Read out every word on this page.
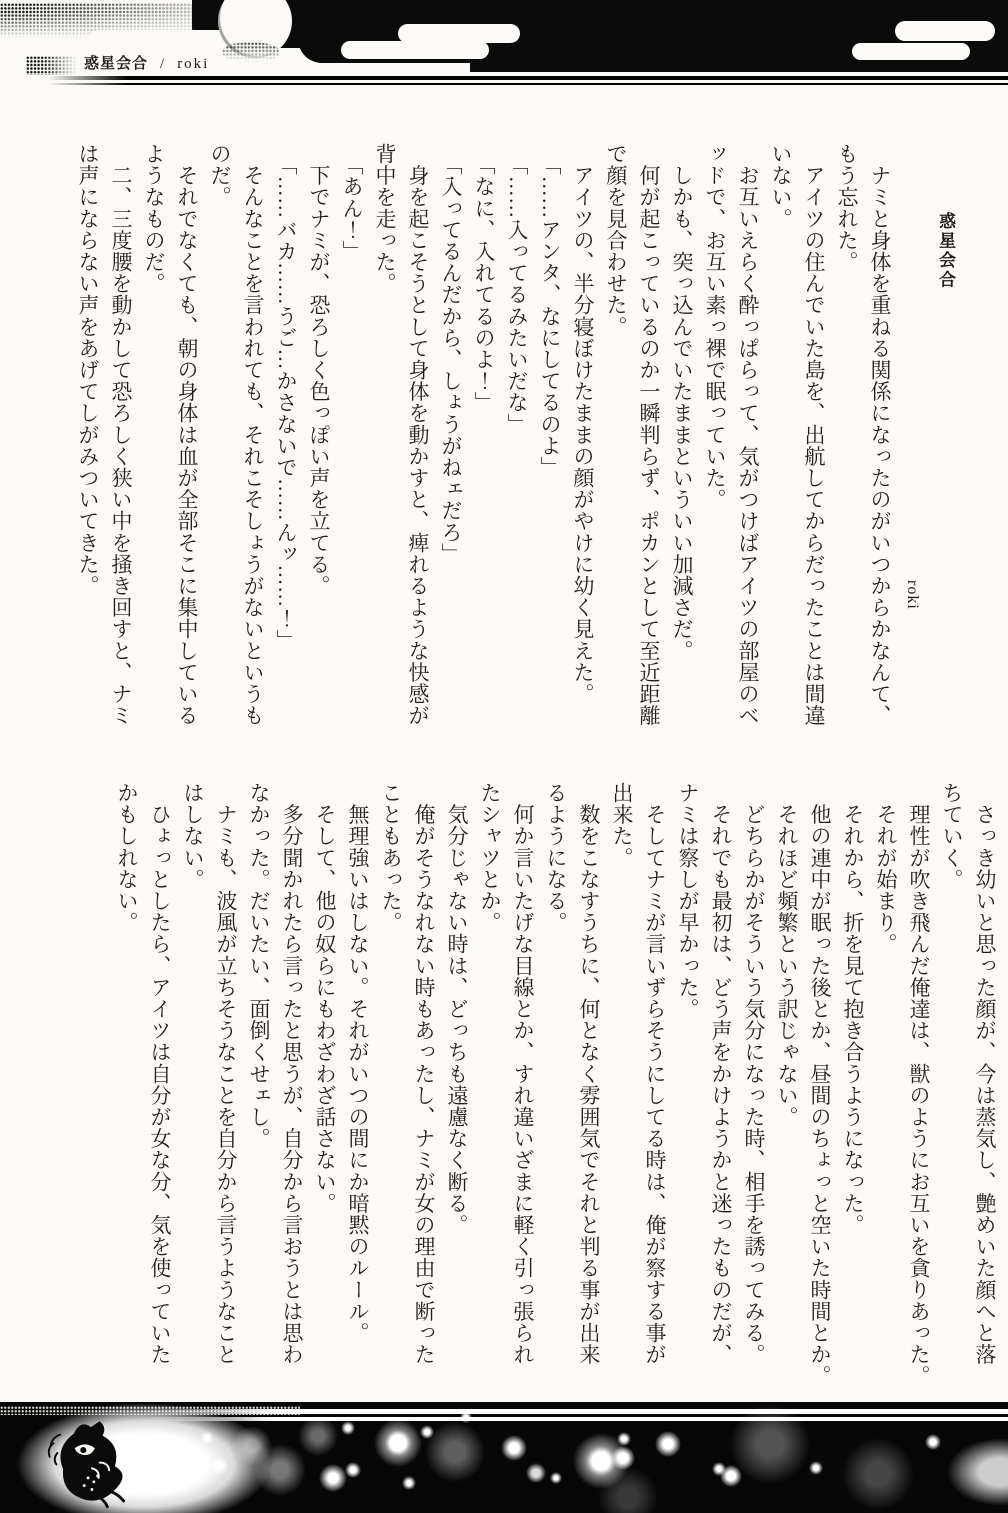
惑星会合 / roki
惑星会合
roki
　ナミと身体を重ねる関係になったのがいつからかなんて、
もう忘れた。
　アイツの住んでいた島を、出航してからだったことは間違
いない。
　お互いえらく酔っぱらって、気がつけばアイツの部屋のベ
ッドで、お互い素っ裸で眠っていた。
　しかも、突っ込んでいたままといういい加減さだ。
　何が起こっているのか一瞬判らず、ポカンとして至近距離
で顔を見合わせた。
　アイツの、半分寝ぼけたままの顔がやけに幼く見えた。
　「……アンタ、なにしてるのよ」
　「……入ってるみたいだな」
　「なに、入れてるのよ！」
　「入ってるんだから、しょうがねェだろ」
　身を起こそうとして身体を動かすと、痺れるような快感が
背中を走った。
　「あん！」
　下でナミが、恐ろしく色っぽい声を立てる。
　「……バカ……うご…かさないで……んッ……！」
　そんなことを言われても、それこそしょうがないというも
のだ。
　それでなくても、朝の身体は血が全部そこに集中している
ようなものだ。
　二、三度腰を動かして恐ろしく狭い中を掻き回すと、ナミ
は声にならない声をあげてしがみついてきた。
　さっき幼いと思った顔が、今は蒸気し、艶めいた顔へと落
ちていく。
　理性が吹き飛んだ俺達は、獣のようにお互いを貪りあった。
　それが始まり。
　それから、折を見て抱き合うようになった。
　他の連中が眠った後とか、昼間のちょっと空いた時間とか。
　それほど頻繁という訳じゃない。
　どちらかがそういう気分になった時、相手を誘ってみる。
　それでも最初は、どう声をかけようかと迷ったものだが、
ナミは察しが早かった。
　そしてナミが言いずらそうにしてる時は、俺が察する事が
出来た。
　数をこなすうちに、何となく雰囲気でそれと判る事が出来
るようになる。
　何か言いたげな目線とか、すれ違いざまに軽く引っ張られ
たシャツとか。
　気分じゃない時は、どっちも遠慮なく断る。
　俺がそうなれない時もあったし、ナミが女の理由で断った
こともあった。
　無理強いはしない。それがいつの間にか暗黙のルール。
　そして、他の奴らにもわざわざ話さない。
　多分聞かれたら言ったと思うが、自分から言おうとは思わ
なかった。だいたい、面倒くせェし。
　ナミも、波風が立ちそうなことを自分から言うようなこと
はしない。
　ひょっとしたら、アイツは自分が女な分、気を使っていた
かもしれない。
